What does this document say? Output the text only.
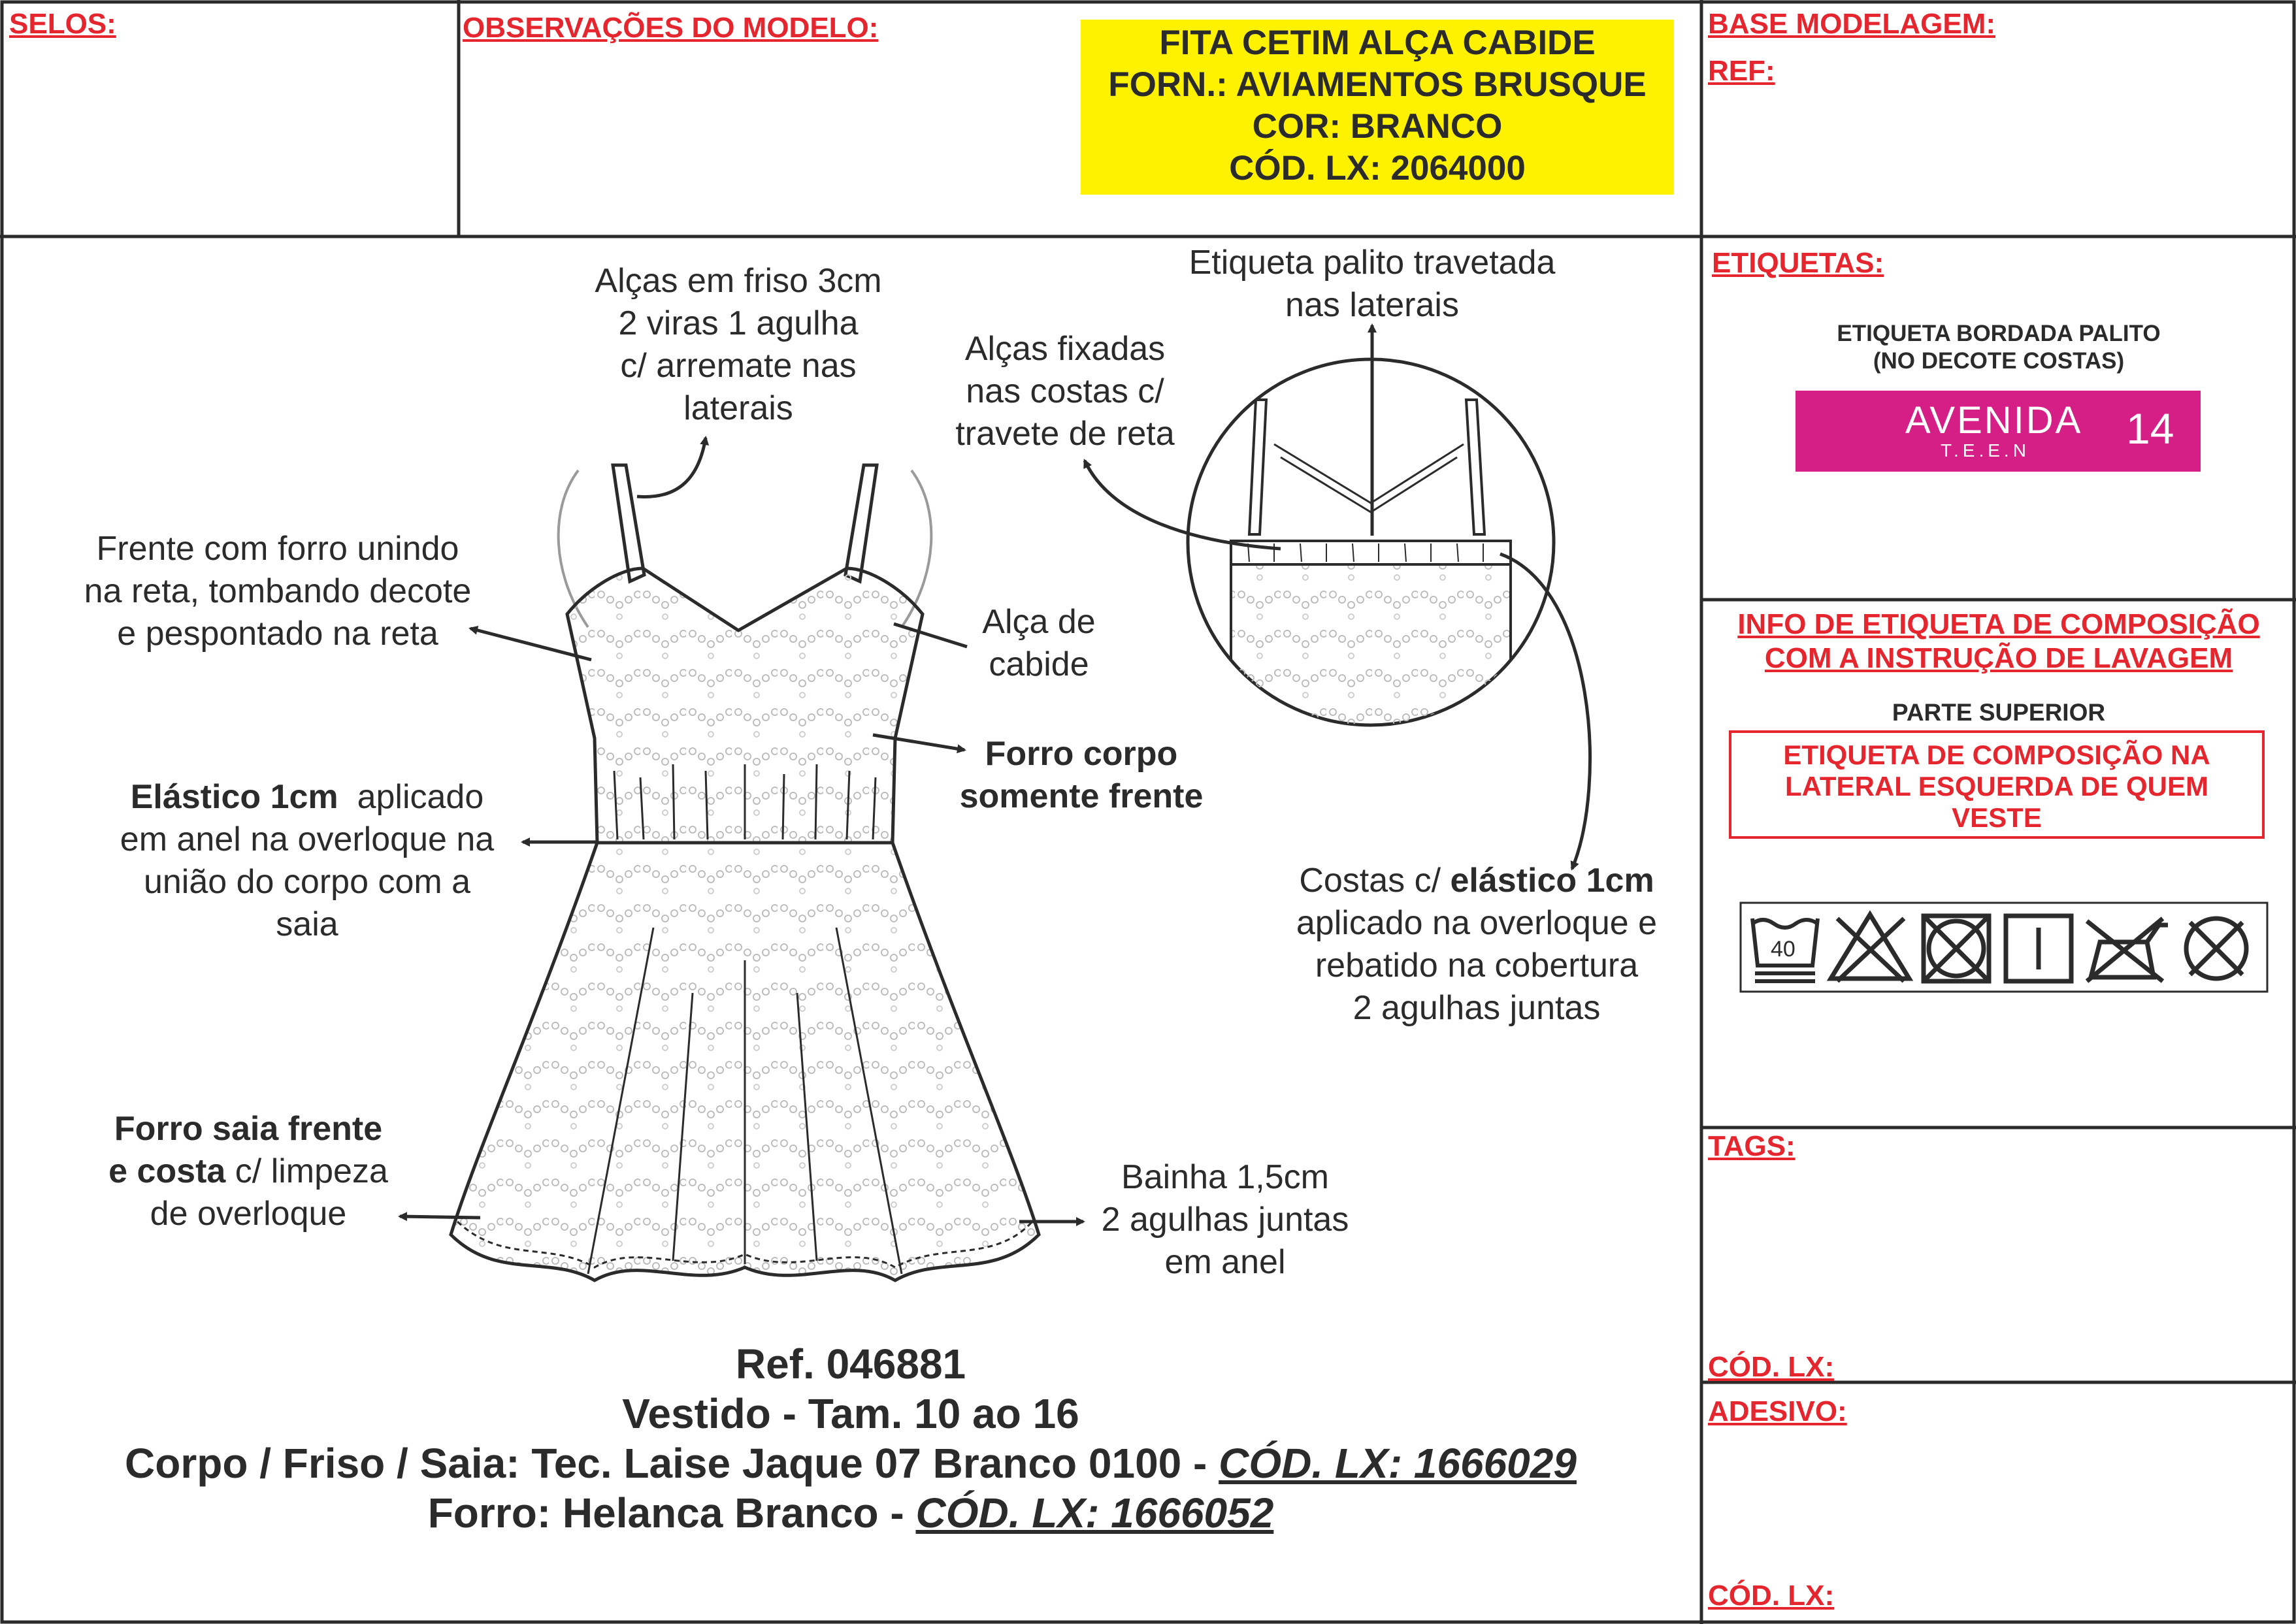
SELOS:	OBSERVAÇÕES DO MODELO:	FITA CETIM ALÇA CABIDE
FORN.: AVIAMENTOS BRUSQUE
COR: BRANCO
CÓD. LX: 2064000
BASE MODELAGEM:
REF:
ETIQUETAS:
ETIQUETA BORDADA PALITO
(NO DECOTE COSTAS)
AVENIDA
T.E.E.N 14
INFO DE ETIQUETA DE COMPOSIÇÃO
COM A INSTRUÇÃO DE LAVAGEM
PARTE SUPERIOR
ETIQUETA DE COMPOSIÇÃO NA
LATERAL ESQUERDA DE QUEM
VESTE
40
TAGS:
CÓD. LX:
ADESIVO:
CÓD. LX:
Alças em friso 3cm
2 viras 1 agulha
c/ arremate nas
laterais
Frente com forro unindo
na reta, tombando decote
e pespontado na reta	Alça de
cabide
Forro corpo
somente frente
Elástico 1cm aplicado
em anel na overloque na
união do corpo com a
saia
Forro saia frente
e costa c/ limpeza
de overloque
Bainha 1,5cm
2 agulhas juntas
em anel
Etiqueta palito travetada
nas laterais
Alças fixadas
nas costas c/
travete de reta
Costas c/ elástico 1cm
aplicado na overloque e
rebatido na cobertura
2 agulhas juntas
Ref. 046881
Vestido - Tam. 10 ao 16
Corpo / Friso / Saia: Tec. Laise Jaque 07 Branco 0100 - CÓD. LX: 1666029
Forro: Helanca Branco - CÓD. LX: 1666052
